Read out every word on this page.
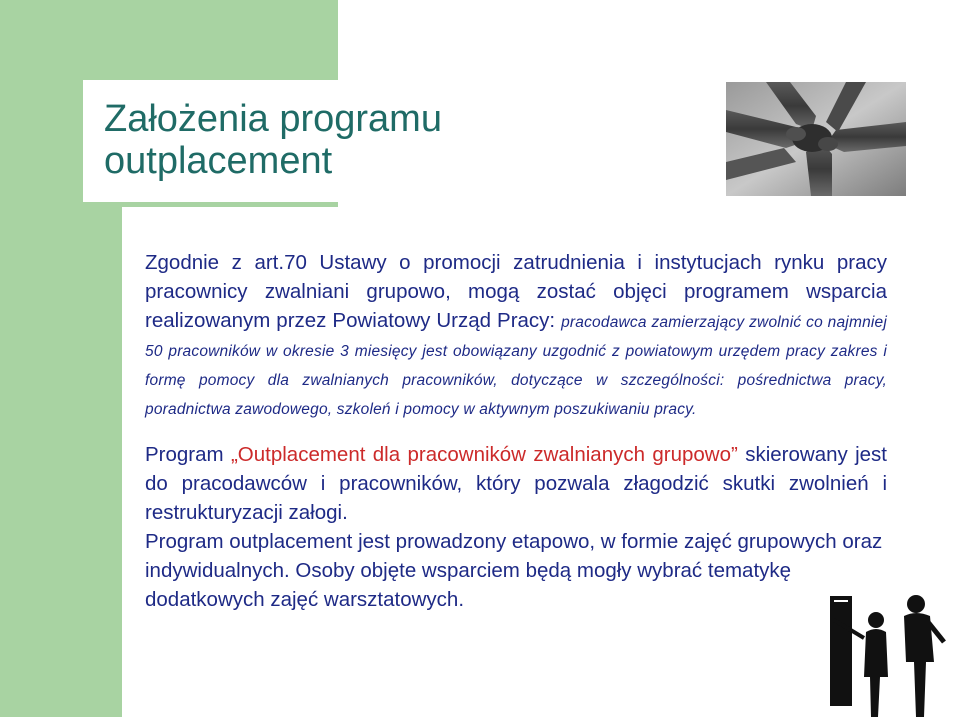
Założenia programu
outplacement

Zgodnie z art.70 Ustawy o promocji zatrudnienia i instytucjach rynku pracy pracownicy zwalniani grupowo, mogą zostać objęci programem wsparcia realizowanym przez Powiatowy Urząd Pracy: pracodawca zamierzający zwolnić co najmniej 50 pracowników w okresie 3 miesięcy jest obowiązany uzgodnić z powiatowym urzędem pracy zakres i formę pomocy dla zwalnianych pracowników, dotyczące w szczególności: pośrednictwa pracy, poradnictwa zawodowego, szkoleń i pomocy w aktywnym poszukiwaniu pracy.

Program „Outplacement dla pracowników zwalnianych grupowo” skierowany jest do pracodawców i pracowników, który pozwala złagodzić skutki zwolnień i restrukturyzacji załogi.

Program outplacement jest prowadzony etapowo, w formie zajęć grupowych oraz indywidualnych. Osoby objęte wsparciem będą mogły wybrać tematykę dodatkowych zajęć warsztatowych.
